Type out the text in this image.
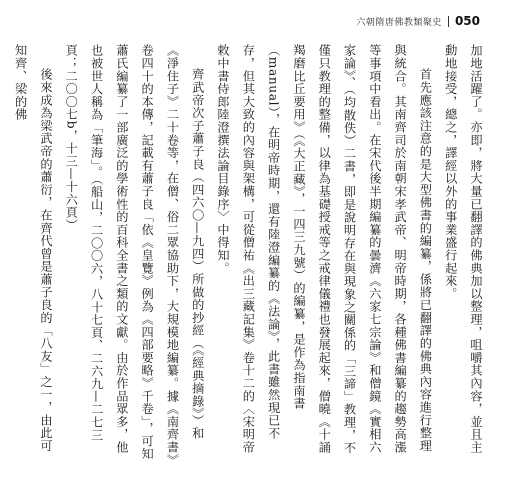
六朝隋唐佛教類聚史 050

加地活躍了。亦即，將大量已翻譯的佛典加以整理，咀嚼其內容，並且主動地接受，總之，譯經以外的事業盛行起來。

首先應該注意的是大型佛書的編纂，係將已翻譯的佛典內容進行整理與統合。其南齊司於南朝宋孝武帝、明帝時期，各種佛書編纂的趨勢高漲等事項中看出。在宋代後半期編纂的曇濟《六家七宗論》和僧鏡《實相六家論》、（均散佚）二書，即是說明存在與現象之關係的「三諦」教理，不僅只教理的整備，以律為基礎授戒等之戒律儀禮也發展起來，僧曉《十誦羯磨比丘要用》（《大正藏》，一四三九號）的編纂，是作為指南書（manual），在明帝時期，還有陸澄編纂的《法論》，此書雖然現已不存，但其大致的內容與架構，可從僧祐《出三藏記集》卷十二的〈宋明帝敕中書侍郎陸澄撰法論目錄序〉中得知。

齊武帝次子蕭子良（四六〇—九四）所做的抄經（《經典摘錄》）和《淨住子》二十卷等，在僧、俗二眾協助下，大規模地編纂。據《南齊書》卷四十的本傳，記載有蕭子良「依《皇覽》例為《四部要略》千卷」，可知蕭氏編纂了一部廣泛的學術性的百科全書之類的文獻。由於作品眾多，他也被世人稱為「筆海」。（船山，二〇〇六，八十七頁、二六九—二七三頁；二〇〇七b，十三—十六頁）

後來成為梁武帝的蕭衍，在齊代曾是蕭子良的「八友」之一，由此可知齊、梁的佛
